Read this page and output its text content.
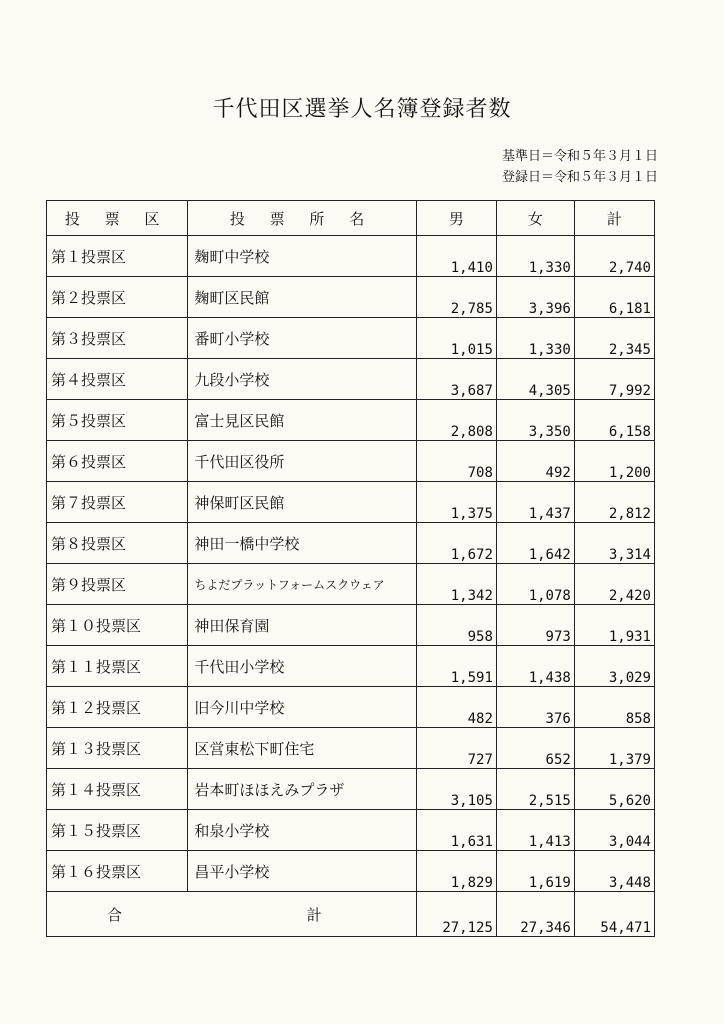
千代田区選挙人名簿登録者数
基準日＝令和５年３月１日
登録日＝令和５年３月１日
投 票 区	投 票 所 名	男	女	計
第１投票区	麹町中学校	1,410	1,330	2,740
第２投票区	麹町区民館	2,785	3,396	6,181
第３投票区	番町小学校	1,015	1,330	2,345
第４投票区	九段小学校	3,687	4,305	7,992
第５投票区	富士見区民館	2,808	3,350	6,158
第６投票区	千代田区役所	708	492	1,200
第７投票区	神保町区民館	1,375	1,437	2,812
第８投票区	神田一橋中学校	1,672	1,642	3,314
第９投票区	ちよだプラットフォームスクウェア	1,342	1,078	2,420
第１０投票区	神田保育園	958	973	1,931
第１１投票区	千代田小学校	1,591	1,438	3,029
第１２投票区	旧今川中学校	482	376	858
第１３投票区	区営東松下町住宅	727	652	1,379
第１４投票区	岩本町ほほえみプラザ	3,105	2,515	5,620
第１５投票区	和泉小学校	1,631	1,413	3,044
第１６投票区	昌平小学校	1,829	1,619	3,448
合 計		27,125	27,346	54,471
